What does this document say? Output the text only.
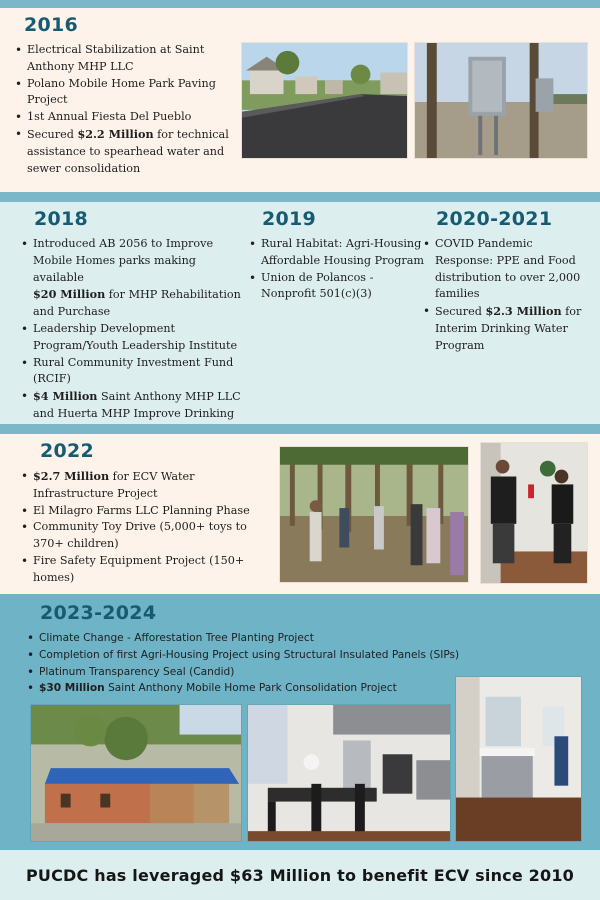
2016
• Electrical Stabilization at Saint Anthony MHP LLC
• Polano Mobile Home Park Paving Project
• 1st Annual Fiesta Del Pueblo
• Secured $2.2 Million for technical assistance to spearhead water and sewer consolidation
2018
• Introduced AB 2056 to Improve Mobile Homes parks making available
$20 Million for MHP Rehabilitation and Purchase
• Leadership Development Program/Youth Leadership Institute
• Rural Community Investment Fund (RCIF)
• $4 Million Saint Anthony MHP LLC and Huerta MHP Improve Drinking
2019
• Rural Habitat: Agri-Housing Affordable Housing Program
• Union de Polancos -Nonprofit 501(c)(3)
2020-2021
• COVID Pandemic Response: PPE and Food distribution to over 2,000 families
• Secured $2.3 Million for Interim Drinking Water Program
2022
• $2.7 Million for ECV Water Infrastructure Project
• El Milagro Farms LLC Planning Phase
• Community Toy Drive (5,000+ toys to 370+ children)
• Fire Safety Equipment Project (150+ homes)
2023-2024
• Climate Change - Afforestation Tree Planting Project
• Completion of first Agri-Housing Project using Structural Insulated Panels (SIPs)
• Platinum Transparency Seal (Candid)
• $30 Million Saint Anthony Mobile Home Park Consolidation Project
PUCDC has leveraged $63 Million to benefit ECV since 2010
